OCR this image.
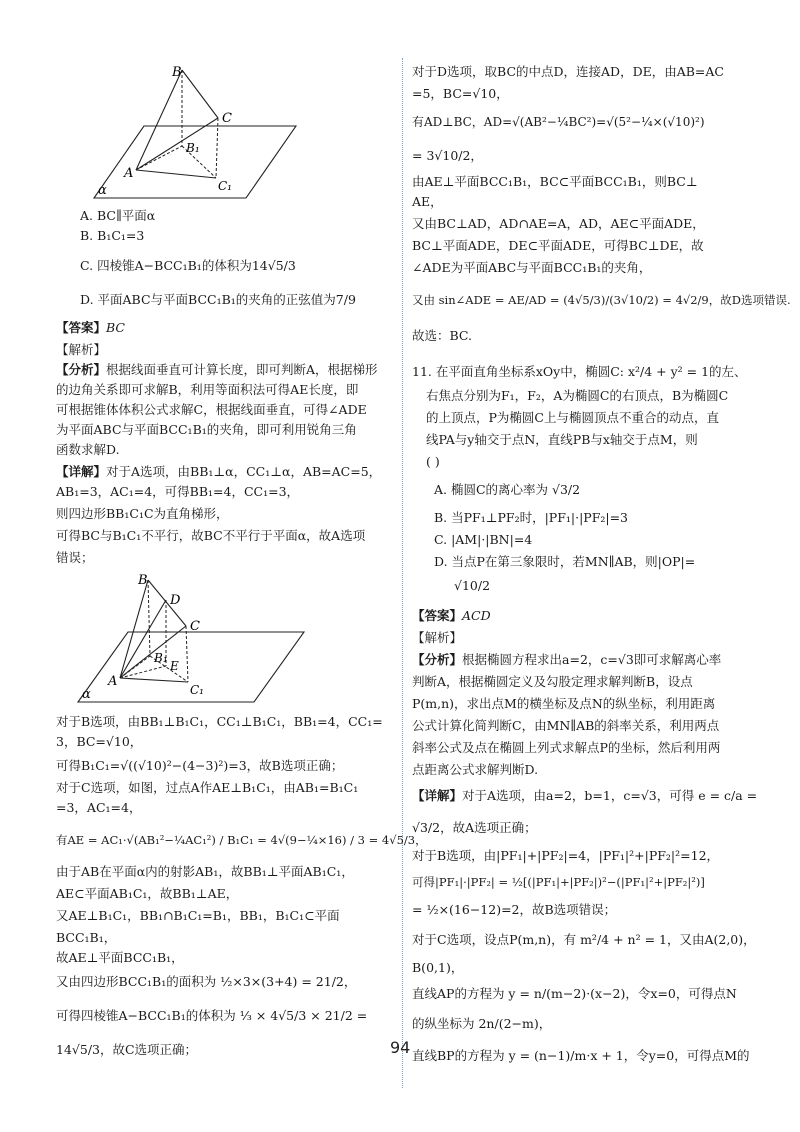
B
C
B₁
A
C₁
α
A. BC∥平面α
B. B₁C₁=3
C. 四棱锥A−BCC₁B₁的体积为14√5/3
D. 平面ABC与平面BCC₁B₁的夹角的正弦值为7/9
【答案】BC
【解析】
【分析】根据线面垂直可计算长度，即可判断A，根据梯形
的边角关系即可求解B，利用等面积法可得AE长度，即
可根据锥体体积公式求解C，根据线面垂直，可得∠ADE
为平面ABC与平面BCC₁B₁的夹角，即可利用锐角三角
函数求解D.
【详解】对于A选项，由BB₁⊥α，CC₁⊥α，AB=AC=5，
AB₁=3，AC₁=4，可得BB₁=4，CC₁=3，
则四边形BB₁C₁C为直角梯形，
可得BC与B₁C₁不平行，故BC不平行于平面α，故A选项
错误；
B
D
C
B₁
E
A
C₁
α
对于B选项，由BB₁⊥B₁C₁，CC₁⊥B₁C₁，BB₁=4，CC₁=
3，BC=√10，
可得B₁C₁=√((√10)²−(4−3)²)=3，故B选项正确；
对于C选项，如图，过点A作AE⊥B₁C₁，由AB₁=B₁C₁
=3，AC₁=4，
有AE = AC₁·√(AB₁²−¼AC₁²) / B₁C₁ = 4√(9−¼×16) / 3 = 4√5/3，
由于AB在平面α内的射影AB₁，故BB₁⊥平面AB₁C₁，
AE⊂平面AB₁C₁，故BB₁⊥AE，
又AE⊥B₁C₁，BB₁∩B₁C₁=B₁，BB₁，B₁C₁⊂平面
BCC₁B₁，
故AE⊥平面BCC₁B₁，
又由四边形BCC₁B₁的面积为 ½×3×(3+4) = 21/2，
可得四棱锥A−BCC₁B₁的体积为 ⅓ × 4√5/3 × 21/2 =
14√5/3，故C选项正确；
对于D选项，取BC的中点D，连接AD，DE，由AB=AC
=5，BC=√10，
有AD⊥BC，AD=√(AB²−¼BC²)=√(5²−¼×(√10)²)
= 3√10/2，
由AE⊥平面BCC₁B₁，BC⊂平面BCC₁B₁，则BC⊥
AE，
又由BC⊥AD，AD∩AE=A，AD，AE⊂平面ADE，
BC⊥平面ADE，DE⊂平面ADE，可得BC⊥DE，故
∠ADE为平面ABC与平面BCC₁B₁的夹角，
又由 sin∠ADE = AE/AD = (4√5/3)/(3√10/2) = 4√2/9，故D选项错误.
故选：BC.
11. 在平面直角坐标系xOy中，椭圆C: x²/4 + y² = 1的左、
右焦点分别为F₁，F₂，A为椭圆C的右顶点，B为椭圆C
的上顶点，P为椭圆C上与椭圆顶点不重合的动点，直
线PA与y轴交于点N，直线PB与x轴交于点M，则
( )
A. 椭圆C的离心率为 √3/2
B. 当PF₁⊥PF₂时，|PF₁|·|PF₂|=3
C. |AM|·|BN|=4
D. 当点P在第三象限时，若MN∥AB，则|OP|=
√10/2
【答案】ACD
【解析】
【分析】根据椭圆方程求出a=2，c=√3即可求解离心率
判断A，根据椭圆定义及勾股定理求解判断B，设点
P(m,n)，求出点M的横坐标及点N的纵坐标，利用距离
公式计算化简判断C，由MN∥AB的斜率关系，利用两点
斜率公式及点在椭圆上列式求解点P的坐标，然后利用两
点距离公式求解判断D.
【详解】对于A选项，由a=2，b=1，c=√3，可得 e = c/a =
√3/2，故A选项正确；
对于B选项，由|PF₁|+|PF₂|=4，|PF₁|²+|PF₂|²=12，
可得|PF₁|·|PF₂| = ½[(|PF₁|+|PF₂|)²−(|PF₁|²+|PF₂|²)]
= ½×(16−12)=2，故B选项错误；
对于C选项，设点P(m,n)，有 m²/4 + n² = 1，又由A(2,0)，
B(0,1)，
直线AP的方程为 y = n/(m−2)·(x−2)，令x=0，可得点N
的纵坐标为 2n/(2−m)，
直线BP的方程为 y = (n−1)/m·x + 1，令y=0，可得点M的
94
